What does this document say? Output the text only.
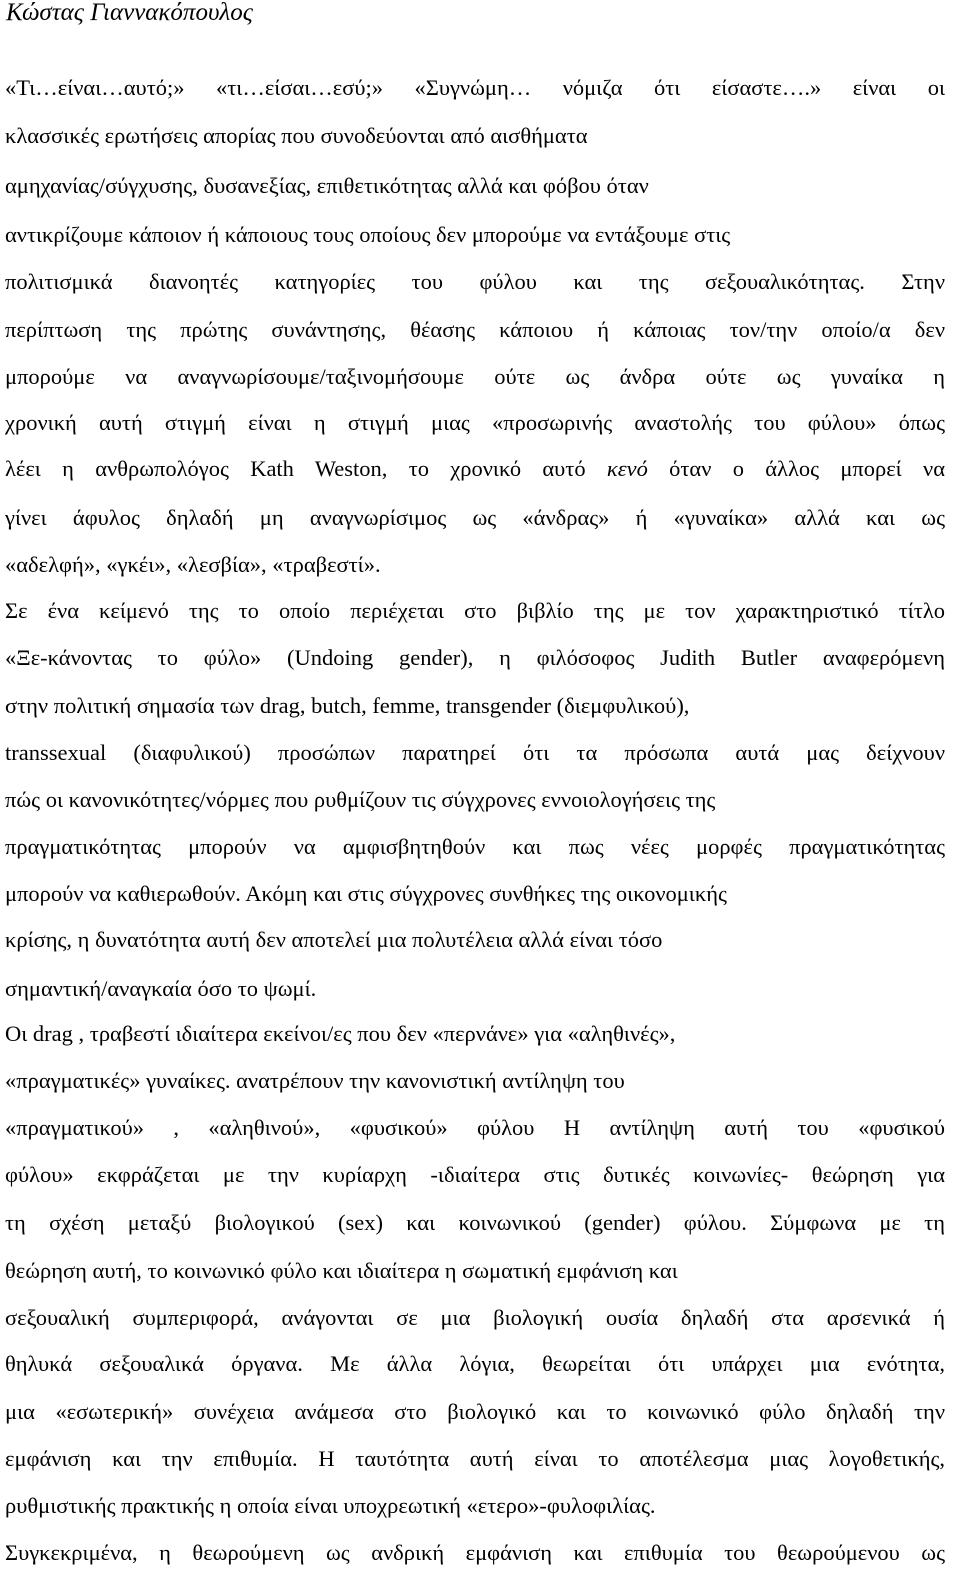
Κώστας Γιαννακόπουλος
«Τι…είναι…αυτό;» «τι…είσαι…εσύ;» «Συγνώμη… νόμιζα ότι είσαστε….» είναι οι
κλασσικές ερωτήσεις απορίας που συνοδεύονται από αισθήματα
αμηχανίας/σύγχυσης, δυσανεξίας, επιθετικότητας αλλά και φόβου όταν
αντικρίζουμε κάποιον ή κάποιους τους οποίους δεν μπορούμε να εντάξουμε στις
πολιτισμικά διανοητές κατηγορίες του φύλου και της σεξουαλικότητας. Στην
περίπτωση της πρώτης συνάντησης, θέασης κάποιου ή κάποιας τον/την οποίο/α δεν
μπορούμε να αναγνωρίσουμε/ταξινομήσουμε ούτε ως άνδρα ούτε ως γυναίκα η
χρονική αυτή στιγμή είναι η στιγμή μιας «προσωρινής αναστολής του φύλου» όπως
λέει η ανθρωπολόγος Kath Weston, το χρονικό αυτό κενό όταν ο άλλος μπορεί να
γίνει άφυλος δηλαδή μη αναγνωρίσιμος ως «άνδρας» ή «γυναίκα» αλλά και ως
«αδελφή», «γκέι», «λεσβία», «τραβεστί».
Σε ένα κείμενό της το οποίο περιέχεται στο βιβλίο της με τον χαρακτηριστικό τίτλο
«Ξε-κάνοντας το φύλο» (Undoing gender), η φιλόσοφος Judith Butler αναφερόμενη
στην πολιτική σημασία των drag, butch, femme, transgender (διεμφυλικού),
transsexual (διαφυλικού) προσώπων παρατηρεί ότι τα πρόσωπα αυτά μας δείχνουν
πώς οι κανονικότητες/νόρμες που ρυθμίζουν τις σύγχρονες εννοιολογήσεις της
πραγματικότητας μπορούν να αμφισβητηθούν και πως νέες μορφές πραγματικότητας
μπορούν να καθιερωθούν. Ακόμη και στις σύγχρονες συνθήκες της οικονομικής
κρίσης, η δυνατότητα αυτή δεν αποτελεί μια πολυτέλεια αλλά είναι τόσο
σημαντική/αναγκαία όσο το ψωμί.
Οι drag , τραβεστί ιδιαίτερα εκείνοι/ες που δεν «περνάνε» για «αληθινές»,
«πραγματικές» γυναίκες. ανατρέπουν την κανονιστική αντίληψη του
«πραγματικού» , «αληθινού», «φυσικού» φύλου Η αντίληψη αυτή του «φυσικού
φύλου» εκφράζεται με την κυρίαρχη -ιδιαίτερα στις δυτικές κοινωνίες- θεώρηση για
τη σχέση μεταξύ βιολογικού (sex) και κοινωνικού (gender) φύλου. Σύμφωνα με τη
θεώρηση αυτή, το κοινωνικό φύλο και ιδιαίτερα η σωματική εμφάνιση και
σεξουαλική συμπεριφορά, ανάγονται σε μια βιολογική ουσία δηλαδή στα αρσενικά ή
θηλυκά σεξουαλικά όργανα. Με άλλα λόγια, θεωρείται ότι υπάρχει μια ενότητα,
μια «εσωτερική» συνέχεια ανάμεσα στο βιολογικό και το κοινωνικό φύλο δηλαδή την
εμφάνιση και την επιθυμία. Η ταυτότητα αυτή είναι το αποτέλεσμα μιας λογοθετικής,
ρυθμιστικής πρακτικής η οποία είναι υποχρεωτική «ετερο»-φυλοφιλίας.
Συγκεκριμένα, η θεωρούμενη ως ανδρική εμφάνιση και επιθυμία του θεωρούμενου ως
